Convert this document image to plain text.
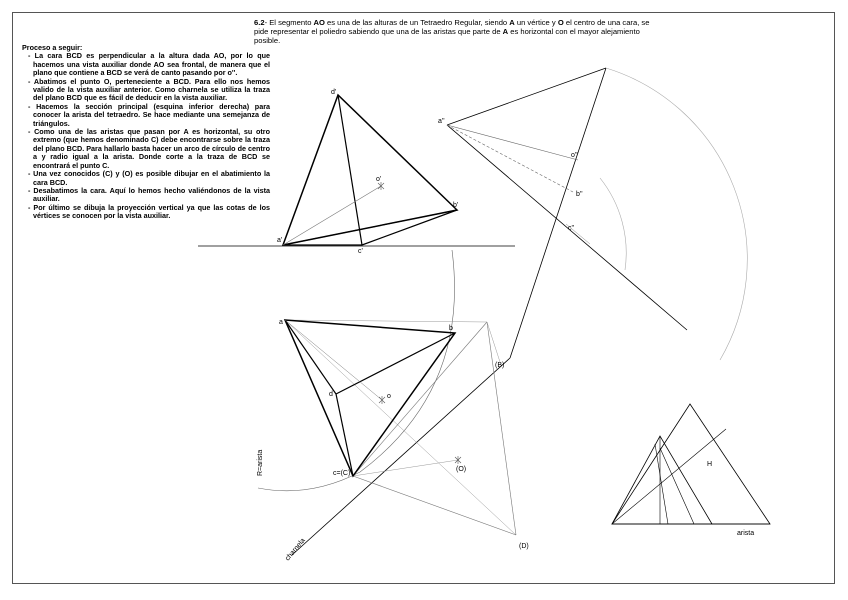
6.2- El segmento AO es una de las alturas de un Tetraedro Regular, siendo A un vértice y O el centro de una cara, se pide representar el poliedro sabiendo que una de las aristas que parte de A es horizontal con el mayor alejamiento posible.
Proceso a seguir:
- La cara BCD es perpendicular a la altura dada AO, por lo que hacemos una vista auxiliar donde AO sea frontal, de manera que el plano que contiene a BCD se verá de canto pasando por o''.
- Abatimos el punto O, perteneciente a BCD. Para ello nos hemos valido de la vista auxiliar anterior. Como charnela se utiliza la traza del plano BCD que es fácil de deducir en la vista auxiliar.
- Hacemos la sección principal (esquina inferior derecha) para conocer la arista del tetraedro. Se hace mediante una semejanza de triángulos.
- Como una de las aristas que pasan por A es horizontal, su otro extremo (que hemos denominado C) debe encontrarse sobre la traza del plano BCD. Para hallarlo basta hacer un arco de círculo de centro a y radio igual a la arista. Donde corte a la traza de BCD se encontrará el punto C.
- Una vez conocidos (C) y (O) es posible dibujar en el abatimiento la cara BCD.
- Desabatimos la cara. Aquí lo hemos hecho valiéndonos de la vista auxiliar.
- Por último se dibuja la proyección vertical ya que las cotas de los vértices se conocen por la vista auxiliar.
d'
o'
b'
a'
c'
a''
o''
b''
c''
a
b
d	o
c=(C)
(B)
(O)
(D)
R=arista
charnela
H
arista
